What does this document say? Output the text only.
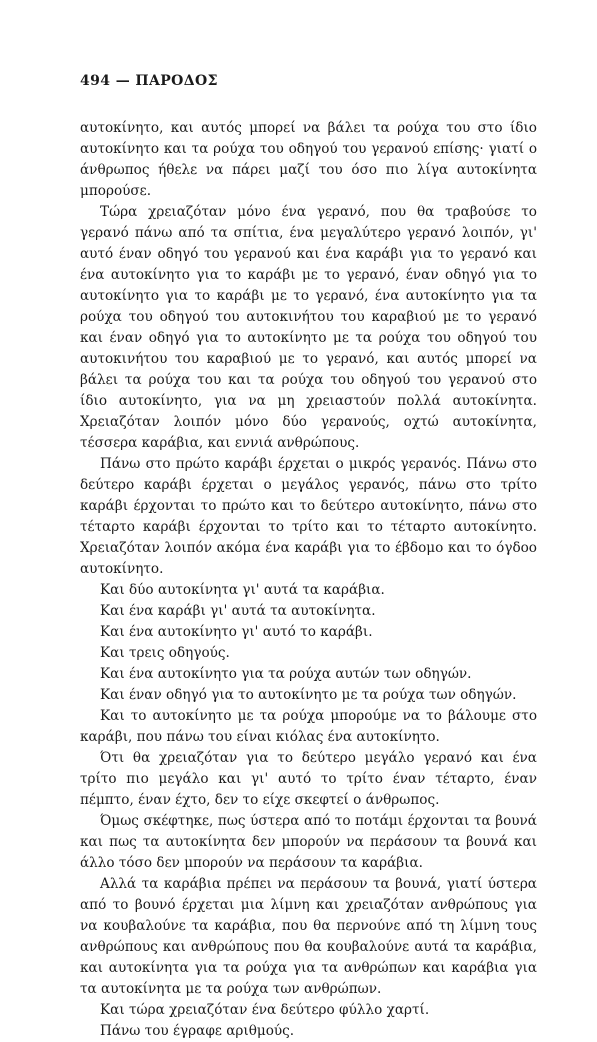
494 — ΠΑΡΟΔΟΣ

αυτοκίνητο, και αυτός μπορεί να βάλει τα ρούχα του στο ίδιο αυτοκίνητο και τα ρούχα του οδηγού του γερανού επίσης· γιατί ο άνθρωπος ήθελε να πάρει μαζί του όσο πιο λίγα αυτοκίνητα μπορούσε.

Τώρα χρειαζόταν μόνο ένα γερανό, που θα τραβούσε το γερανό πάνω από τα σπίτια, ένα μεγαλύτερο γερανό λοιπόν, γι' αυτό έναν οδηγό του γερανού και ένα καράβι για το γερανό και ένα αυτοκίνητο για το καράβι με το γερανό, έναν οδηγό για το αυτοκίνητο για το καράβι με το γερανό, ένα αυτοκίνητο για τα ρούχα του οδηγού του αυτοκινήτου του καραβιού με το γερανό και έναν οδηγό για το αυτοκίνητο με τα ρούχα του οδηγού του αυτοκινήτου του καραβιού με το γερανό, και αυτός μπορεί να βάλει τα ρούχα του και τα ρούχα του οδηγού του γερανού στο ίδιο αυτοκίνητο, για να μη χρειαστούν πολλά αυτοκίνητα. Χρειαζόταν λοιπόν μόνο δύο γερανούς, οχτώ αυτοκίνητα, τέσσερα καράβια, και εννιά ανθρώπους.

Πάνω στο πρώτο καράβι έρχεται ο μικρός γερανός. Πάνω στο δεύτερο καράβι έρχεται ο μεγάλος γερανός, πάνω στο τρίτο καράβι έρχονται το πρώτο και το δεύτερο αυτοκίνητο, πάνω στο τέταρτο καράβι έρχονται το τρίτο και το τέταρτο αυτοκίνητο. Χρειαζόταν λοιπόν ακόμα ένα καράβι για το έβδομο και το όγδοο αυτοκίνητο.

Και δύο αυτοκίνητα γι' αυτά τα καράβια.

Και ένα καράβι γι' αυτά τα αυτοκίνητα.

Και ένα αυτοκίνητο γι' αυτό το καράβι.

Και τρεις οδηγούς.

Και ένα αυτοκίνητο για τα ρούχα αυτών των οδηγών.

Και έναν οδηγό για το αυτοκίνητο με τα ρούχα των οδηγών.

Και το αυτοκίνητο με τα ρούχα μπορούμε να το βάλουμε στο καράβι, που πάνω του είναι κιόλας ένα αυτοκίνητο.

Ότι θα χρειαζόταν για το δεύτερο μεγάλο γερανό και ένα τρίτο πιο μεγάλο και γι' αυτό το τρίτο έναν τέταρτο, έναν πέμπτο, έναν έχτο, δεν το είχε σκεφτεί ο άνθρωπος.

Όμως σκέφτηκε, πως ύστερα από το ποτάμι έρχονται τα βουνά και πως τα αυτοκίνητα δεν μπορούν να περάσουν τα βουνά και άλλο τόσο δεν μπορούν να περάσουν τα καράβια.

Αλλά τα καράβια πρέπει να περάσουν τα βουνά, γιατί ύστερα από το βουνό έρχεται μια λίμνη και χρειαζόταν ανθρώπους για να κουβαλούνε τα καράβια, που θα περνούνε από τη λίμνη τους ανθρώπους και ανθρώπους που θα κουβαλούνε αυτά τα καράβια, και αυτοκίνητα για τα ρούχα για τα ανθρώπων και καράβια για τα αυτοκίνητα με τα ρούχα των ανθρώπων.

Και τώρα χρειαζόταν ένα δεύτερο φύλλο χαρτί.

Πάνω του έγραφε αριθμούς.
